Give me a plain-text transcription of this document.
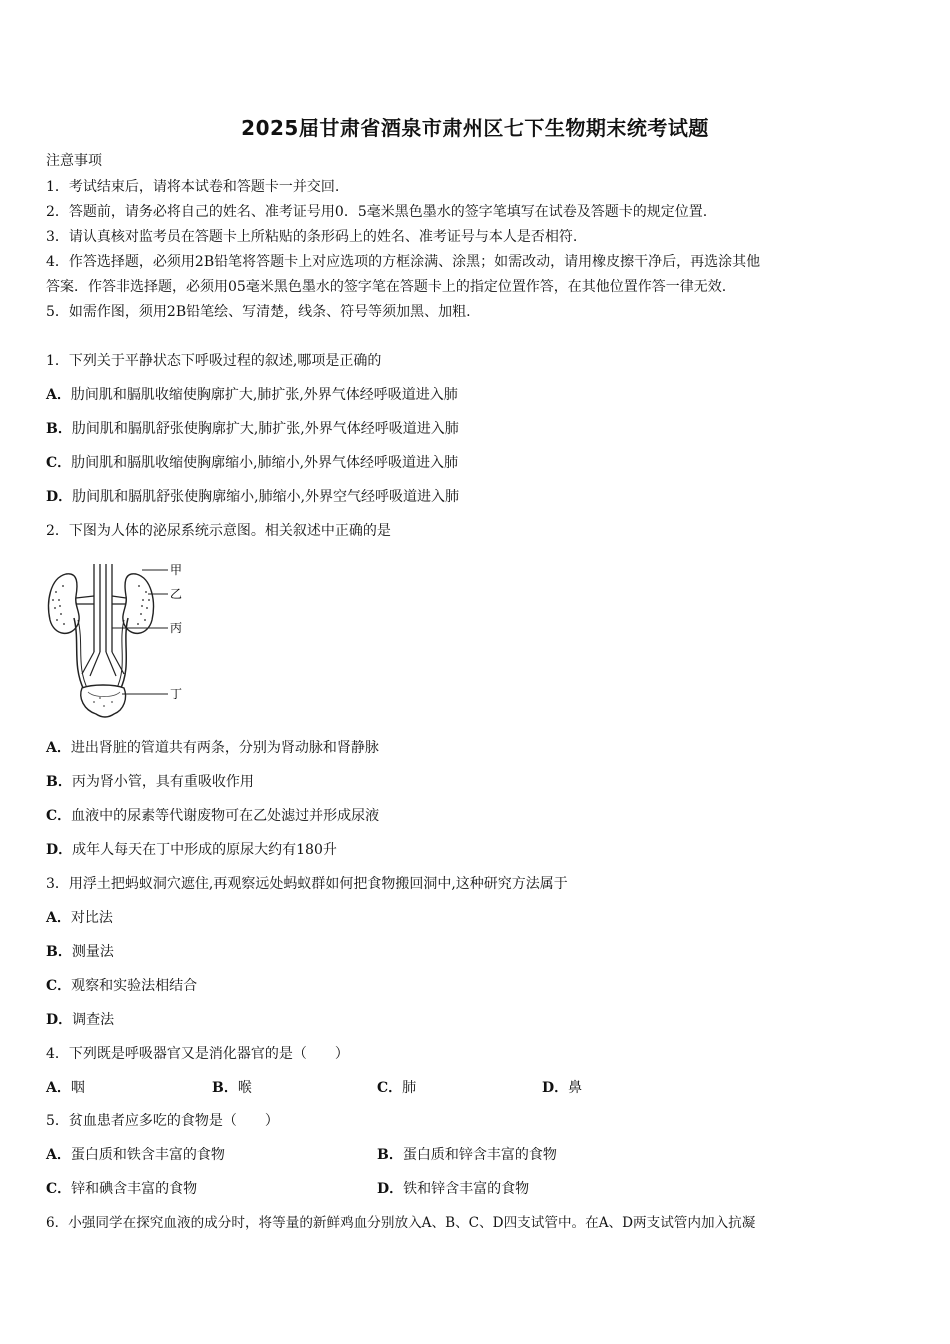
2025届甘肃省酒泉市肃州区七下生物期末统考试题
注意事项
1．考试结束后，请将本试卷和答题卡一并交回.
2．答题前，请务必将自己的姓名、准考证号用0．5毫米黑色墨水的签字笔填写在试卷及答题卡的规定位置.
3．请认真核对监考员在答题卡上所粘贴的条形码上的姓名、准考证号与本人是否相符.
4．作答选择题，必须用2B铅笔将答题卡上对应选项的方框涂满、涂黑；如需改动，请用橡皮擦干净后，再选涂其他
答案．作答非选择题，必须用05毫米黑色墨水的签字笔在答题卡上的指定位置作答，在其他位置作答一律无效.
5．如需作图，须用2B铅笔绘、写清楚，线条、符号等须加黑、加粗.
1．下列关于平静状态下呼吸过程的叙述,哪项是正确的
A．肋间肌和膈肌收缩使胸廓扩大,肺扩张,外界气体经呼吸道进入肺
B．肋间肌和膈肌舒张使胸廓扩大,肺扩张,外界气体经呼吸道进入肺
C．肋间肌和膈肌收缩使胸廓缩小,肺缩小,外界气体经呼吸道进入肺
D．肋间肌和膈肌舒张使胸廓缩小,肺缩小,外界空气经呼吸道进入肺
2．下图为人体的泌尿系统示意图。相关叙述中正确的是
甲
乙
丙
丁
A．进出肾脏的管道共有两条，分别为肾动脉和肾静脉
B．丙为肾小管，具有重吸收作用
C．血液中的尿素等代谢废物可在乙处滤过并形成尿液
D．成年人每天在丁中形成的原尿大约有180升
3．用浮土把蚂蚁洞穴遮住,再观察远处蚂蚁群如何把食物搬回洞中,这种研究方法属于
A．对比法
B．测量法
C．观察和实验法相结合
D．调查法
4．下列既是呼吸器官又是消化器官的是（　　）
A．咽	B．喉	C．肺	D．鼻
5．贫血患者应多吃的食物是（　　）
A．蛋白质和铁含丰富的食物	B．蛋白质和锌含丰富的食物
C．锌和碘含丰富的食物	D．铁和锌含丰富的食物
6．小强同学在探究血液的成分时，将等量的新鲜鸡血分别放入A、B、C、D四支试管中。在A、D两支试管内加入抗凝
